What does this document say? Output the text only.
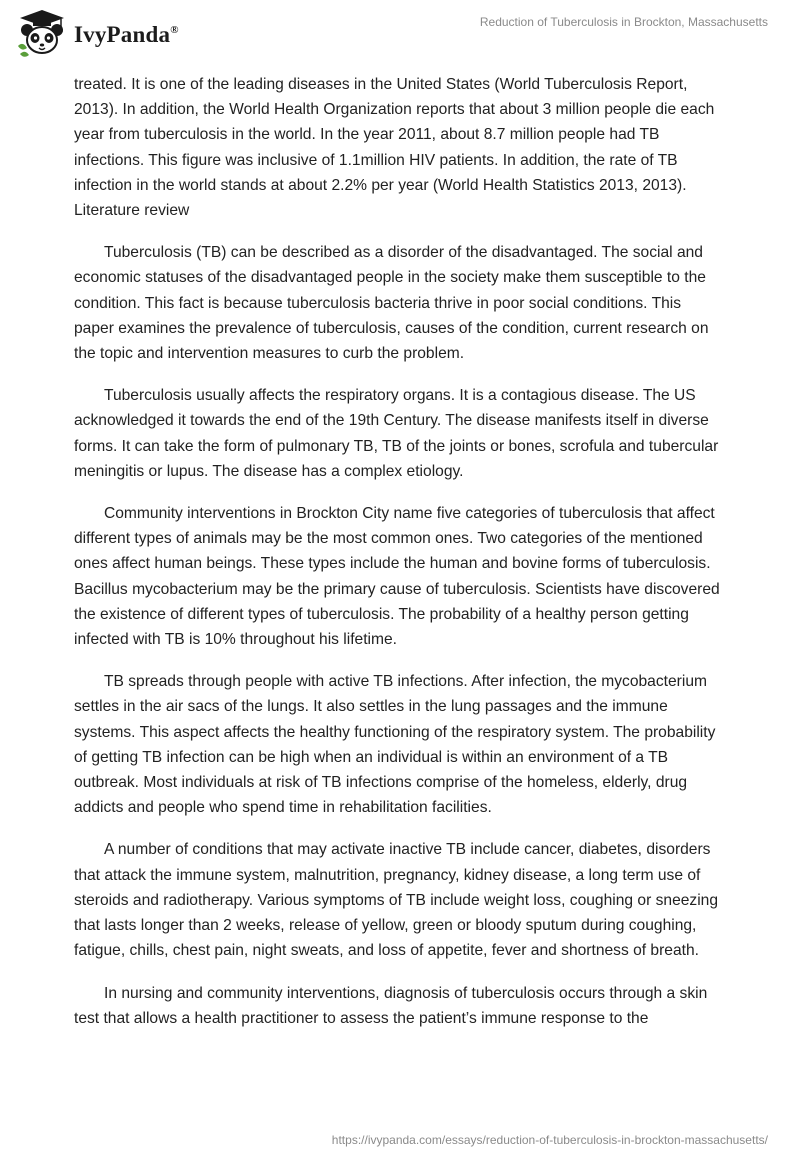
IvyPanda®
Reduction of Tuberculosis in Brockton, Massachusetts

treated. It is one of the leading diseases in the United States (World Tuberculosis Report, 2013). In addition, the World Health Organization reports that about 3 million people die each year from tuberculosis in the world. In the year 2011, about 8.7 million people had TB infections. This figure was inclusive of 1.1million HIV patients. In addition, the rate of TB infection in the world stands at about 2.2% per year (World Health Statistics 2013, 2013). Literature review

Tuberculosis (TB) can be described as a disorder of the disadvantaged. The social and economic statuses of the disadvantaged people in the society make them susceptible to the condition. This fact is because tuberculosis bacteria thrive in poor social conditions. This paper examines the prevalence of tuberculosis, causes of the condition, current research on the topic and intervention measures to curb the problem.

Tuberculosis usually affects the respiratory organs. It is a contagious disease. The US acknowledged it towards the end of the 19th Century. The disease manifests itself in diverse forms. It can take the form of pulmonary TB, TB of the joints or bones, scrofula and tubercular meningitis or lupus. The disease has a complex etiology.

Community interventions in Brockton City name five categories of tuberculosis that affect different types of animals may be the most common ones. Two categories of the mentioned ones affect human beings. These types include the human and bovine forms of tuberculosis. Bacillus mycobacterium may be the primary cause of tuberculosis. Scientists have discovered the existence of different types of tuberculosis. The probability of a healthy person getting infected with TB is 10% throughout his lifetime.

TB spreads through people with active TB infections. After infection, the mycobacterium settles in the air sacs of the lungs. It also settles in the lung passages and the immune systems. This aspect affects the healthy functioning of the respiratory system. The probability of getting TB infection can be high when an individual is within an environment of a TB outbreak. Most individuals at risk of TB infections comprise of the homeless, elderly, drug addicts and people who spend time in rehabilitation facilities.

A number of conditions that may activate inactive TB include cancer, diabetes, disorders that attack the immune system, malnutrition, pregnancy, kidney disease, a long term use of steroids and radiotherapy. Various symptoms of TB include weight loss, coughing or sneezing that lasts longer than 2 weeks, release of yellow, green or bloody sputum during coughing, fatigue, chills, chest pain, night sweats, and loss of appetite, fever and shortness of breath.

In nursing and community interventions, diagnosis of tuberculosis occurs through a skin test that allows a health practitioner to assess the patient’s immune response to the

https://ivypanda.com/essays/reduction-of-tuberculosis-in-brockton-massachusetts/
